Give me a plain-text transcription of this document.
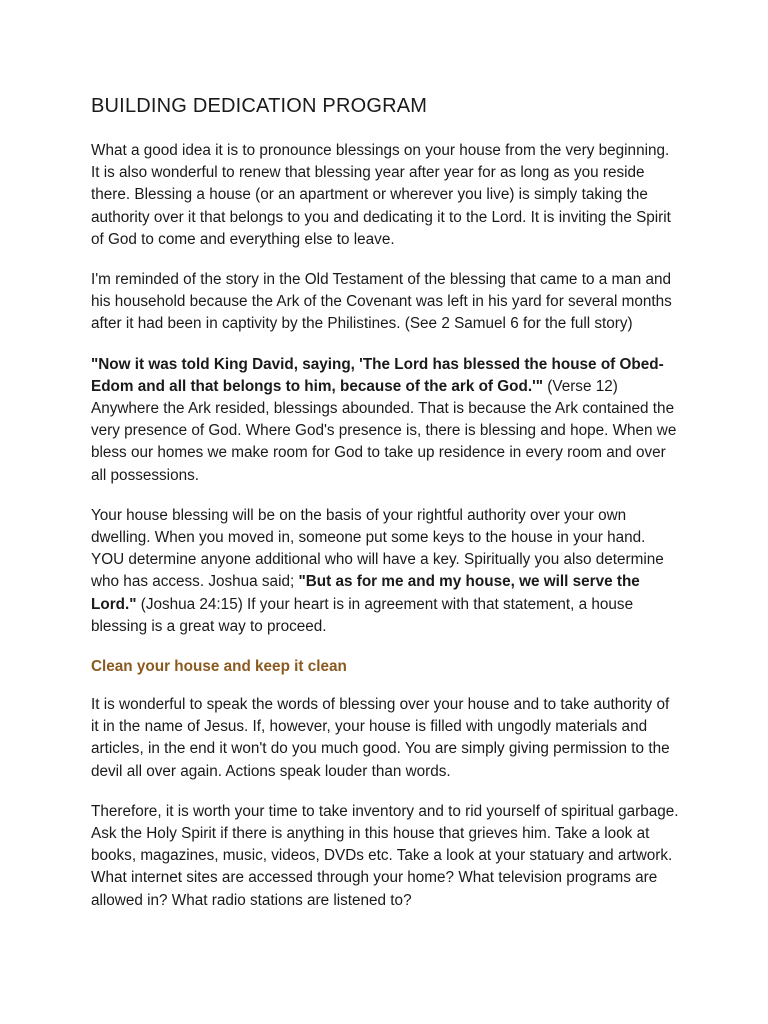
BUILDING DEDICATION PROGRAM

What a good idea it is to pronounce blessings on your house from the very beginning. It is also wonderful to renew that blessing year after year for as long as you reside there. Blessing a house (or an apartment or wherever you live) is simply taking the authority over it that belongs to you and dedicating it to the Lord. It is inviting the Spirit of God to come and everything else to leave.

I'm reminded of the story in the Old Testament of the blessing that came to a man and his household because the Ark of the Covenant was left in his yard for several months after it had been in captivity by the Philistines. (See 2 Samuel 6 for the full story)

"Now it was told King David, saying, 'The Lord has blessed the house of Obed-Edom and all that belongs to him, because of the ark of God.'" (Verse 12) Anywhere the Ark resided, blessings abounded. That is because the Ark contained the very presence of God. Where God's presence is, there is blessing and hope. When we bless our homes we make room for God to take up residence in every room and over all possessions.

Your house blessing will be on the basis of your rightful authority over your own dwelling. When you moved in, someone put some keys to the house in your hand. YOU determine anyone additional who will have a key. Spiritually you also determine who has access. Joshua said; "But as for me and my house, we will serve the Lord." (Joshua 24:15) If your heart is in agreement with that statement, a house blessing is a great way to proceed.

Clean your house and keep it clean

It is wonderful to speak the words of blessing over your house and to take authority of it in the name of Jesus. If, however, your house is filled with ungodly materials and articles, in the end it won't do you much good. You are simply giving permission to the devil all over again. Actions speak louder than words.

Therefore, it is worth your time to take inventory and to rid yourself of spiritual garbage. Ask the Holy Spirit if there is anything in this house that grieves him. Take a look at books, magazines, music, videos, DVDs etc. Take a look at your statuary and artwork. What internet sites are accessed through your home? What television programs are allowed in? What radio stations are listened to?
